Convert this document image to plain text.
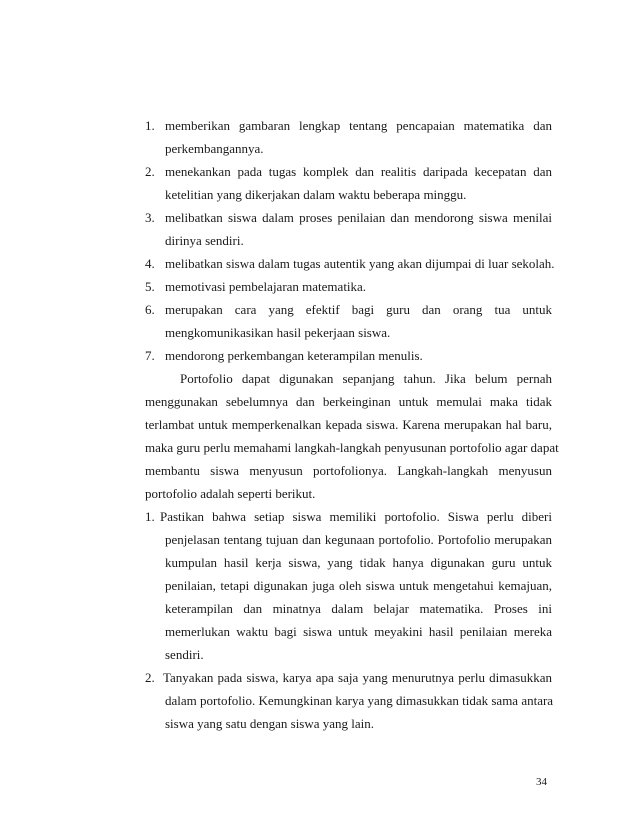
1. memberikan gambaran lengkap tentang pencapaian matematika dan
perkembangannya.
2. menekankan pada tugas komplek dan realitis daripada kecepatan dan
ketelitian yang dikerjakan dalam waktu beberapa minggu.
3. melibatkan siswa dalam proses penilaian dan mendorong siswa menilai
dirinya sendiri.
4. melibatkan siswa dalam tugas autentik yang akan dijumpai di luar sekolah.
5. memotivasi pembelajaran matematika.
6. merupakan cara yang efektif bagi guru dan orang tua untuk
mengkomunikasikan hasil pekerjaan siswa.
7. mendorong perkembangan keterampilan menulis.
Portofolio dapat digunakan sepanjang tahun. Jika belum pernah
menggunakan sebelumnya dan berkeinginan untuk memulai maka tidak
terlambat untuk memperkenalkan kepada siswa. Karena merupakan hal baru,
maka guru perlu memahami langkah-langkah penyusunan portofolio agar dapat
membantu siswa menyusun portofolionya. Langkah-langkah menyusun
portofolio adalah seperti berikut.
1. Pastikan bahwa setiap siswa memiliki portofolio. Siswa perlu diberi
penjelasan tentang tujuan dan kegunaan portofolio. Portofolio merupakan
kumpulan hasil kerja siswa, yang tidak hanya digunakan guru untuk
penilaian, tetapi digunakan juga oleh siswa untuk mengetahui kemajuan,
keterampilan dan minatnya dalam belajar matematika. Proses ini
memerlukan waktu bagi siswa untuk meyakini hasil penilaian mereka
sendiri.
2. Tanyakan pada siswa, karya apa saja yang menurutnya perlu dimasukkan
dalam portofolio. Kemungkinan karya yang dimasukkan tidak sama antara
siswa yang satu dengan siswa yang lain.
34
